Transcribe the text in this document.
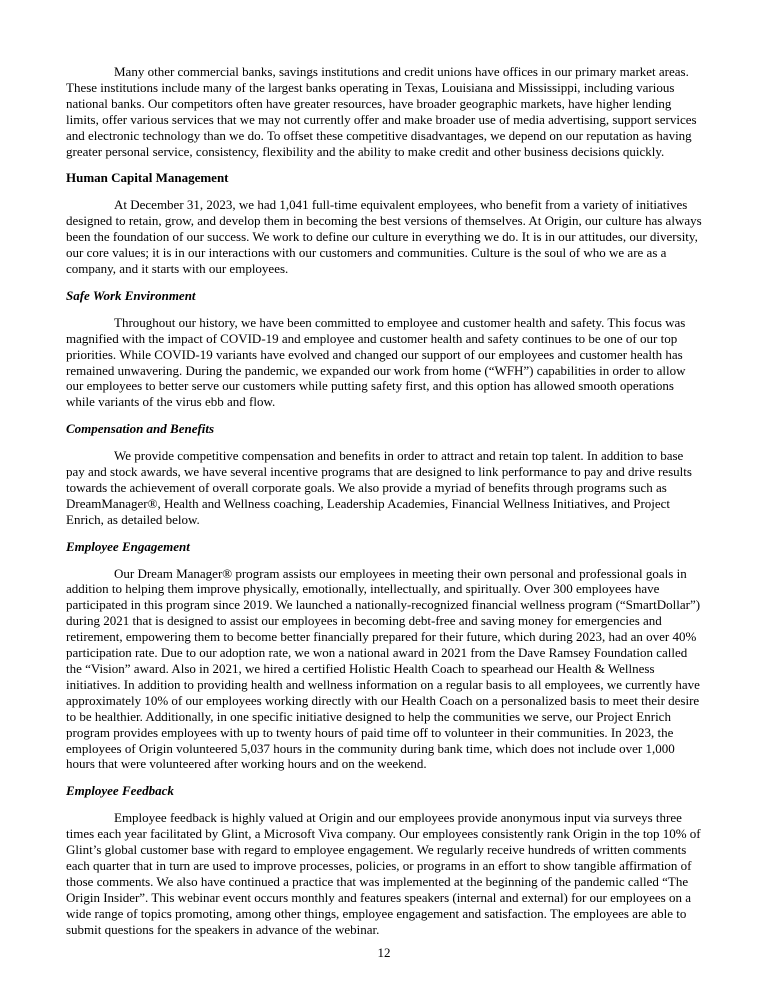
Many other commercial banks, savings institutions and credit unions have offices in our primary market areas. These institutions include many of the largest banks operating in Texas, Louisiana and Mississippi, including various national banks. Our competitors often have greater resources, have broader geographic markets, have higher lending limits, offer various services that we may not currently offer and make broader use of media advertising, support services and electronic technology than we do. To offset these competitive disadvantages, we depend on our reputation as having greater personal service, consistency, flexibility and the ability to make credit and other business decisions quickly.

Human Capital Management

At December 31, 2023, we had 1,041 full-time equivalent employees, who benefit from a variety of initiatives designed to retain, grow, and develop them in becoming the best versions of themselves. At Origin, our culture has always been the foundation of our success. We work to define our culture in everything we do. It is in our attitudes, our diversity, our core values; it is in our interactions with our customers and communities. Culture is the soul of who we are as a company, and it starts with our employees.

Safe Work Environment

Throughout our history, we have been committed to employee and customer health and safety. This focus was magnified with the impact of COVID-19 and employee and customer health and safety continues to be one of our top priorities. While COVID-19 variants have evolved and changed our support of our employees and customer health has remained unwavering. During the pandemic, we expanded our work from home (“WFH”) capabilities in order to allow our employees to better serve our customers while putting safety first, and this option has allowed smooth operations while variants of the virus ebb and flow.

Compensation and Benefits

We provide competitive compensation and benefits in order to attract and retain top talent. In addition to base pay and stock awards, we have several incentive programs that are designed to link performance to pay and drive results towards the achievement of overall corporate goals. We also provide a myriad of benefits through programs such as DreamManager®, Health and Wellness coaching, Leadership Academies, Financial Wellness Initiatives, and Project Enrich, as detailed below.

Employee Engagement

Our Dream Manager® program assists our employees in meeting their own personal and professional goals in addition to helping them improve physically, emotionally, intellectually, and spiritually. Over 300 employees have participated in this program since 2019. We launched a nationally-recognized financial wellness program (“SmartDollar”) during 2021 that is designed to assist our employees in becoming debt-free and saving money for emergencies and retirement, empowering them to become better financially prepared for their future, which during 2023, had an over 40% participation rate. Due to our adoption rate, we won a national award in 2021 from the Dave Ramsey Foundation called the “Vision” award. Also in 2021, we hired a certified Holistic Health Coach to spearhead our Health & Wellness initiatives. In addition to providing health and wellness information on a regular basis to all employees, we currently have approximately 10% of our employees working directly with our Health Coach on a personalized basis to meet their desire to be healthier. Additionally, in one specific initiative designed to help the communities we serve, our Project Enrich program provides employees with up to twenty hours of paid time off to volunteer in their communities. In 2023, the employees of Origin volunteered 5,037 hours in the community during bank time, which does not include over 1,000 hours that were volunteered after working hours and on the weekend.

Employee Feedback

Employee feedback is highly valued at Origin and our employees provide anonymous input via surveys three times each year facilitated by Glint, a Microsoft Viva company. Our employees consistently rank Origin in the top 10% of Glint’s global customer base with regard to employee engagement. We regularly receive hundreds of written comments each quarter that in turn are used to improve processes, policies, or programs in an effort to show tangible affirmation of those comments. We also have continued a practice that was implemented at the beginning of the pandemic called “The Origin Insider”. This webinar event occurs monthly and features speakers (internal and external) for our employees on a wide range of topics promoting, among other things, employee engagement and satisfaction. The employees are able to submit questions for the speakers in advance of the webinar.

12
